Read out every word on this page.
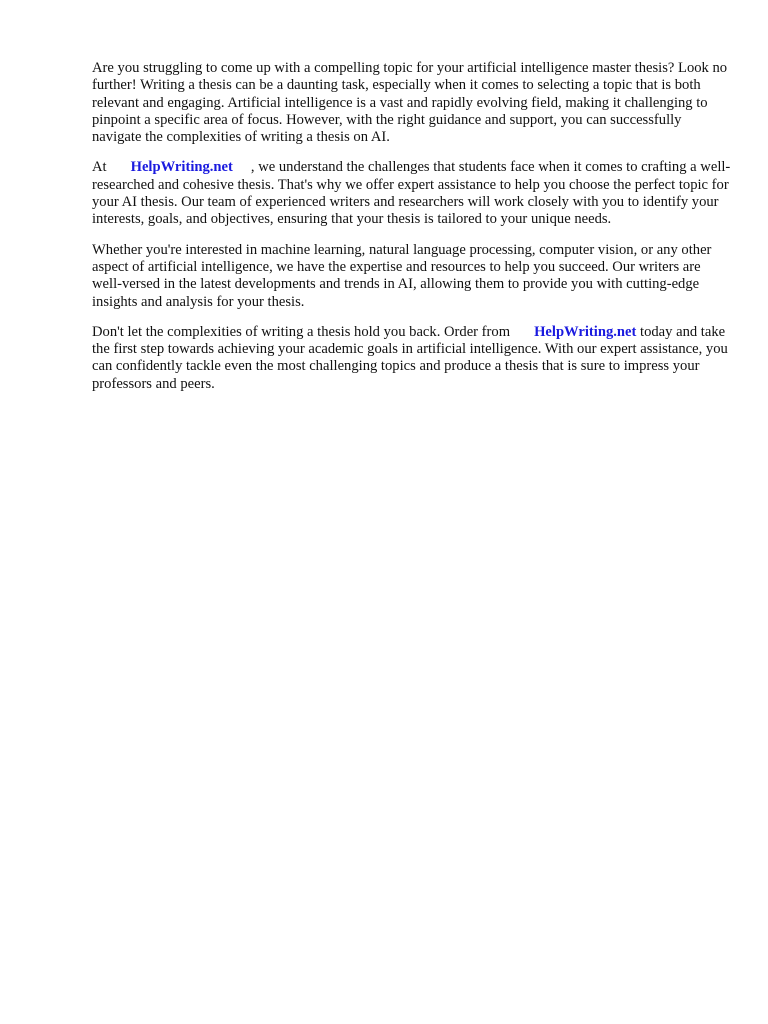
Are you struggling to come up with a compelling topic for your artificial intelligence master thesis? Look no further! Writing a thesis can be a daunting task, especially when it comes to selecting a topic that is both relevant and engaging. Artificial intelligence is a vast and rapidly evolving field, making it challenging to pinpoint a specific area of focus. However, with the right guidance and support, you can successfully navigate the complexities of writing a thesis on AI.

At HelpWriting.net , we understand the challenges that students face when it comes to crafting a well-researched and cohesive thesis. That's why we offer expert assistance to help you choose the perfect topic for your AI thesis. Our team of experienced writers and researchers will work closely with you to identify your interests, goals, and objectives, ensuring that your thesis is tailored to your unique needs.

Whether you're interested in machine learning, natural language processing, computer vision, or any other aspect of artificial intelligence, we have the expertise and resources to help you succeed. Our writers are well-versed in the latest developments and trends in AI, allowing them to provide you with cutting-edge insights and analysis for your thesis.

Don't let the complexities of writing a thesis hold you back. Order from HelpWriting.net today and take the first step towards achieving your academic goals in artificial intelligence. With our expert assistance, you can confidently tackle even the most challenging topics and produce a thesis that is sure to impress your professors and peers.
